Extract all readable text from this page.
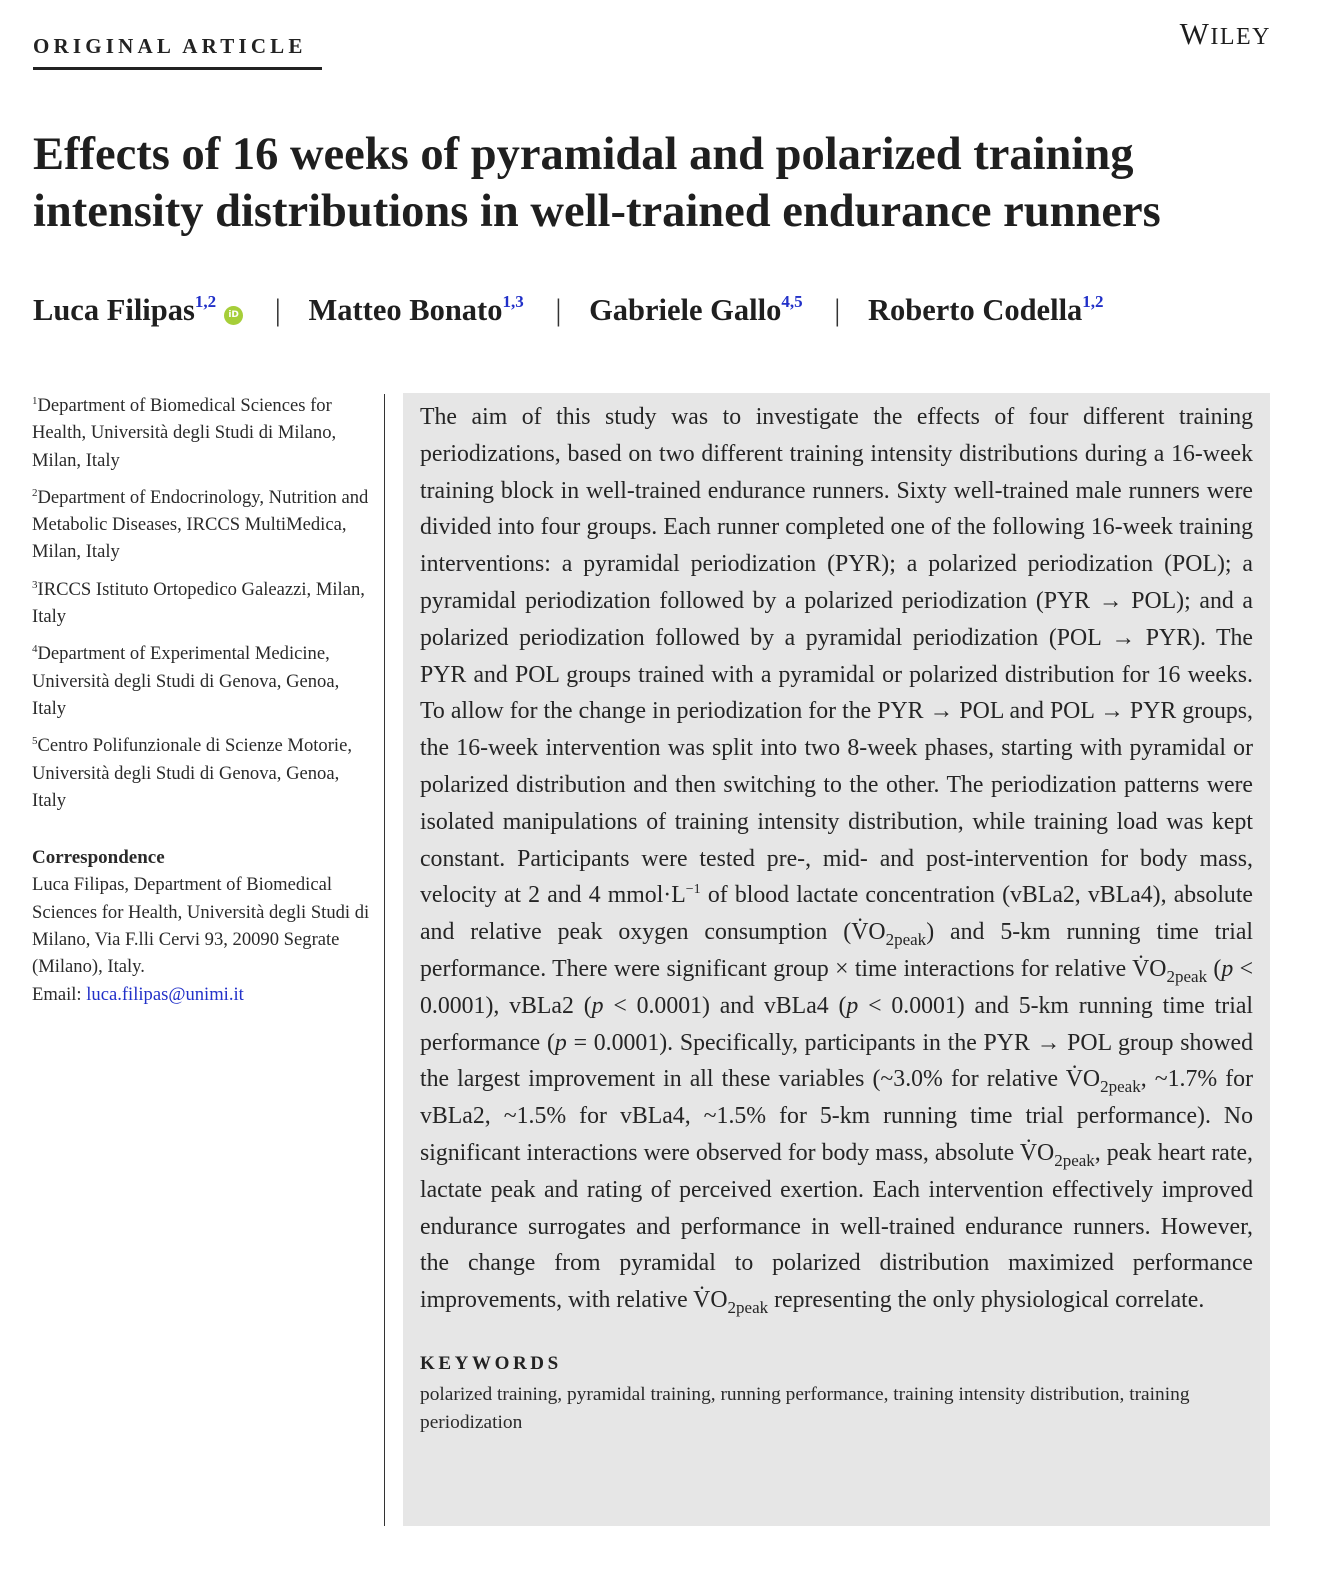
ORIGINAL ARTICLE	WILEY
Effects of 16 weeks of pyramidal and polarized training intensity distributions in well-trained endurance runners
Luca Filipas$^{1,2}$iD | Matteo Bonato$^{1,3}$ | Gabriele Gallo$^{4,5}$ | Roberto Codella$^{1,2}$
$^1$Department of Biomedical Sciences for Health, Università degli Studi di Milano, Milan, Italy
$^2$Department of Endocrinology, Nutrition and Metabolic Diseases, IRCCS MultiMedica, Milan, Italy
$^3$IRCCS Istituto Ortopedico Galeazzi, Milan, Italy
$^4$Department of Experimental Medicine, Università degli Studi di Genova, Genoa, Italy
$^5$Centro Polifunzionale di Scienze Motorie, Università degli Studi di Genova, Genoa, Italy
Correspondence

Luca Filipas, Department of Biomedical Sciences for Health, Università degli Studi di Milano, Via F.lli Cervi 93, 20090 Segrate (Milano), Italy.
Email: luca.filipas@unimi.it

The aim of this study was to investigate the effects of four different training periodizations, based on two different training intensity distributions during a 16-week training block in well-trained endurance runners. Sixty well-trained male runners were divided into four groups. Each runner completed one of the following 16-week training interventions: a pyramidal periodization (PYR); a polarized periodization (POL); a pyramidal periodization followed by a polarized periodization (PYR → POL); and a polarized periodization followed by a pyramidal periodization (POL → PYR). The PYR and POL groups trained with a pyramidal or polarized distribution for 16 weeks. To allow for the change in periodization for the PYR → POL and POL → PYR groups, the 16-week intervention was split into two 8-week phases, starting with pyramidal or polarized distribution and then switching to the other. The periodization patterns were isolated manipulations of training intensity distribution, while training load was kept constant. Participants were tested pre-, mid- and post-intervention for body mass, velocity at 2 and 4 $mmol\cdot L^{-1}$ of blood lactate concentration (vBLa2, vBLa4), absolute and relative peak oxygen consumption $(V̇O_{2peak})$ and 5-km running time trial performance. There were significant group × time interactions for relative $V̇O_{2peak}$ (p < 0.0001), vBLa2 (p < 0.0001) and vBLa4 (p < 0.0001) and 5-km running time trial performance (p = 0.0001). Specifically, participants in the PYR → POL group showed the largest improvement in all these variables (~3.0% for relative $V̇O_{2peak}$, ~1.7% for vBLa2, ~1.5% for vBLa4, ~1.5% for 5-km running time trial performance). No significant interactions were observed for body mass, absolute $V̇O_{2peak}$, peak heart rate, lactate peak and rating of perceived exertion. Each intervention effectively improved endurance surrogates and performance in well-trained endurance runners. However, the change from pyramidal to polarized distribution maximized performance improvements, with relative $V̇O_{2peak}$ representing the only physiological correlate.

KEYWORDS
polarized training, pyramidal training, running performance, training intensity distribution, training periodization
